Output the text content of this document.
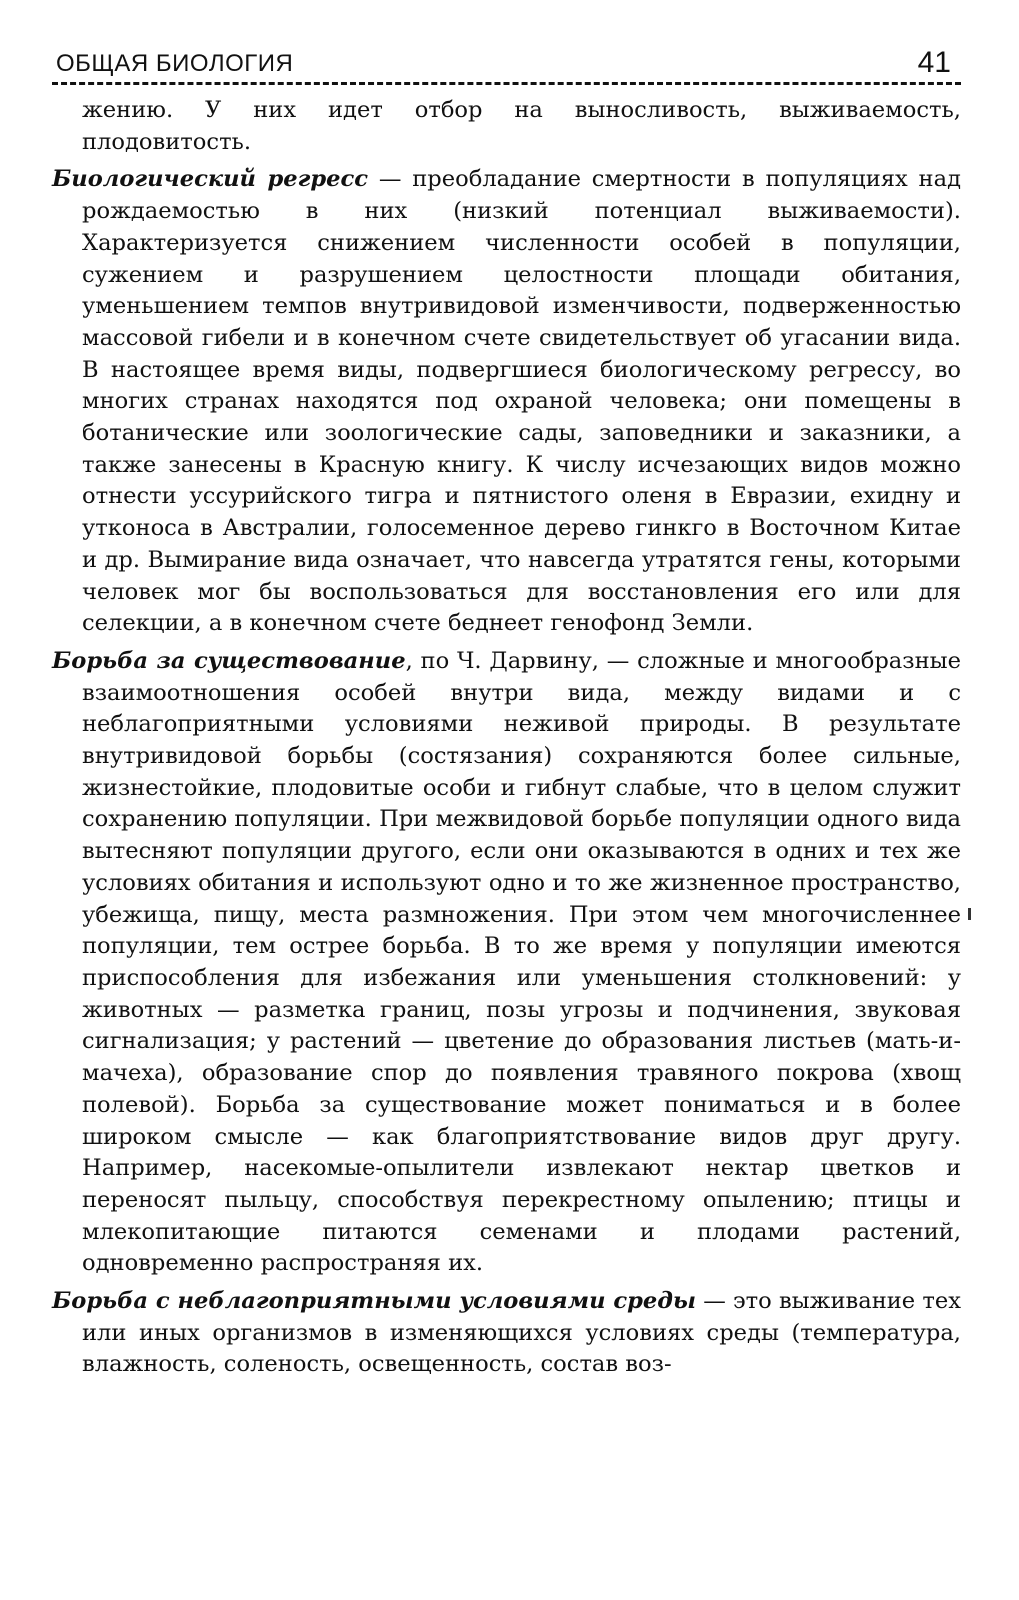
ОБЩАЯ БИОЛОГИЯ	41

жению. У них идет отбор на выносливость, выживаемость, плодовитость.

Биологический регресс — преобладание смертности в популяциях над рождаемостью в них (низкий потенциал выживаемости). Характеризуется снижением численности особей в популяции, сужением и разрушением целостности площади обитания, уменьшением темпов внутривидовой изменчивости, подверженностью массовой гибели и в конечном счете свидетельствует об угасании вида. В настоящее время виды, подвергшиеся биологическому регрессу, во многих странах находятся под охраной человека; они помещены в ботанические или зоологические сады, заповедники и заказники, а также занесены в Красную книгу. К числу исчезающих видов можно отнести уссурийского тигра и пятнистого оленя в Евразии, ехидну и утконоса в Австралии, голосеменное дерево гинкго в Восточном Китае и др. Вымирание вида означает, что навсегда утратятся гены, которыми человек мог бы воспользоваться для восстановления его или для селекции, а в конечном счете беднеет генофонд Земли.

Борьба за существование, по Ч. Дарвину, — сложные и многообразные взаимоотношения особей внутри вида, между видами и с неблагоприятными условиями неживой природы. В результате внутривидовой борьбы (состязания) сохраняются более сильные, жизнестойкие, плодовитые особи и гибнут слабые, что в целом служит сохранению популяции. При межвидовой борьбе популяции одного вида вытесняют популяции другого, если они оказываются в одних и тех же условиях обитания и используют одно и то же жизненное пространство, убежища, пищу, места размножения. При этом чем многочисленнее популяции, тем острее борьба. В то же время у популяции имеются приспособления для избежания или уменьшения столкновений: у животных — разметка границ, позы угрозы и подчинения, звуковая сигнализация; у растений — цветение до образования листьев (мать-и-мачеха), образование спор до появления травяного покрова (хвощ полевой). Борьба за существование может пониматься и в более широком смысле — как благоприятствование видов друг другу. Например, насекомые-опылители извлекают нектар цветков и переносят пыльцу, способствуя перекрестному опылению; птицы и млекопитающие питаются семенами и плодами растений, одновременно распространяя их.

Борьба с неблагоприятными условиями среды — это выживание тех или иных организмов в изменяющихся условиях среды (температура, влажность, соленость, освещенность, состав воз-
